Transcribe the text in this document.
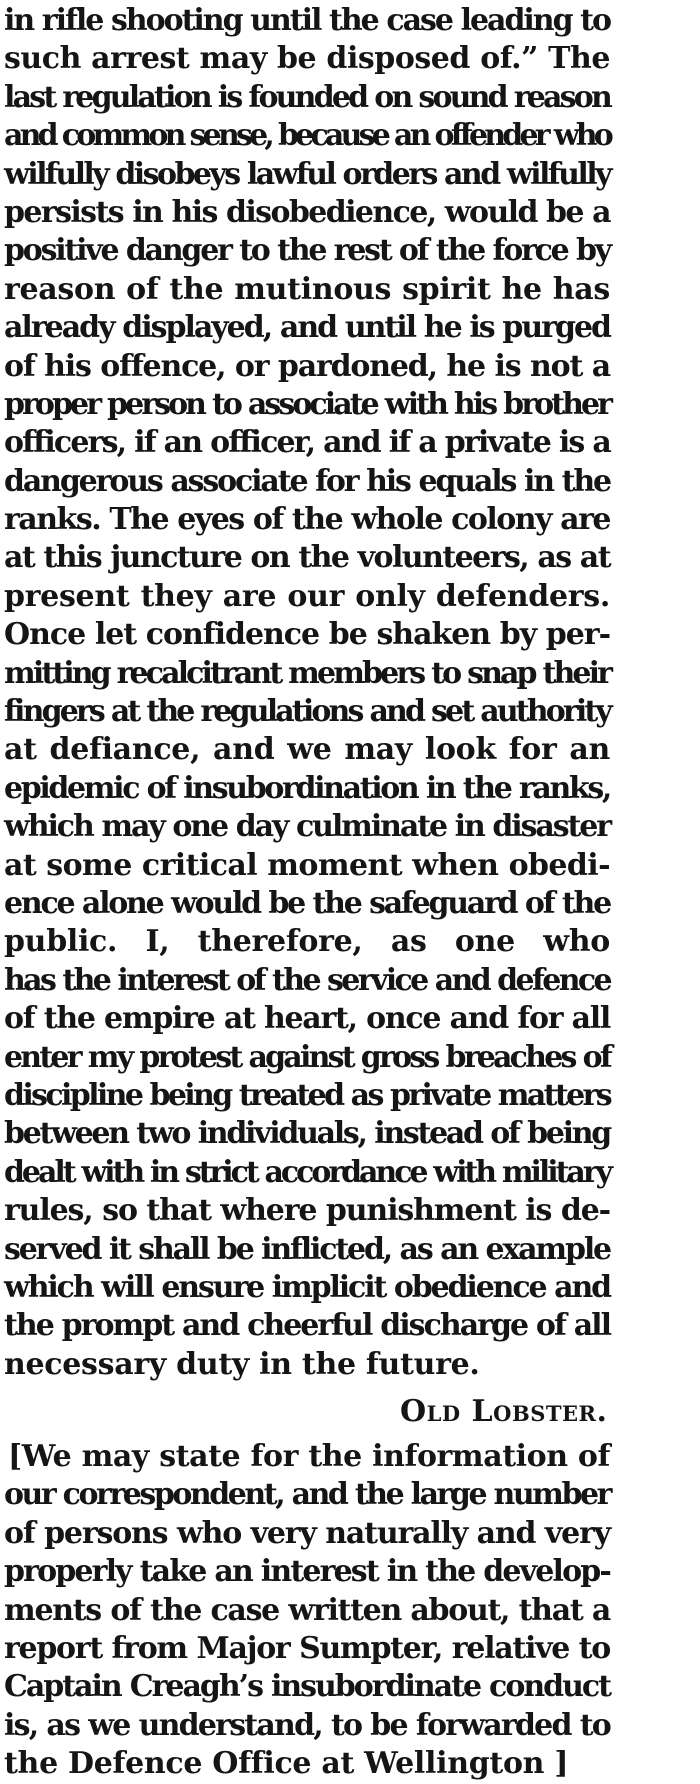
in rifle shooting until the case leading to
such arrest may be disposed of.” The
last regulation is founded on sound reason
and common sense, because an offender who
wilfully disobeys lawful orders and wilfully
persists in his disobedience, would be a
positive danger to the rest of the force by
reason of the mutinous spirit he has
already displayed, and until he is purged
of his offence, or pardoned, he is not a
proper person to associate with his brother
officers, if an officer, and if a private is a
dangerous associate for his equals in the
ranks. The eyes of the whole colony are
at this juncture on the volunteers, as at
present they are our only defenders.
Once let confidence be shaken by per-
mitting recalcitrant members to snap their
fingers at the regulations and set authority
at defiance, and we may look for an
epidemic of insubordination in the ranks,
which may one day culminate in disaster
at some critical moment when obedi-
ence alone would be the safeguard of the
public. I, therefore, as one who
has the interest of the service and defence
of the empire at heart, once and for all
enter my protest against gross breaches of
discipline being treated as private matters
between two individuals, instead of being
dealt with in strict accordance with military
rules, so that where punishment is de-
served it shall be inflicted, as an example
which will ensure implicit obedience and
the prompt and cheerful discharge of all
necessary duty in the future.
Old Lobster.
[We may state for the information of
our correspondent, and the large number
of persons who very naturally and very
properly take an interest in the develop-
ments of the case written about, that a
report from Major Sumpter, relative to
Captain Creagh’s insubordinate conduct
is, as we understand, to be forwarded to
the Defence Office at Wellington ]
